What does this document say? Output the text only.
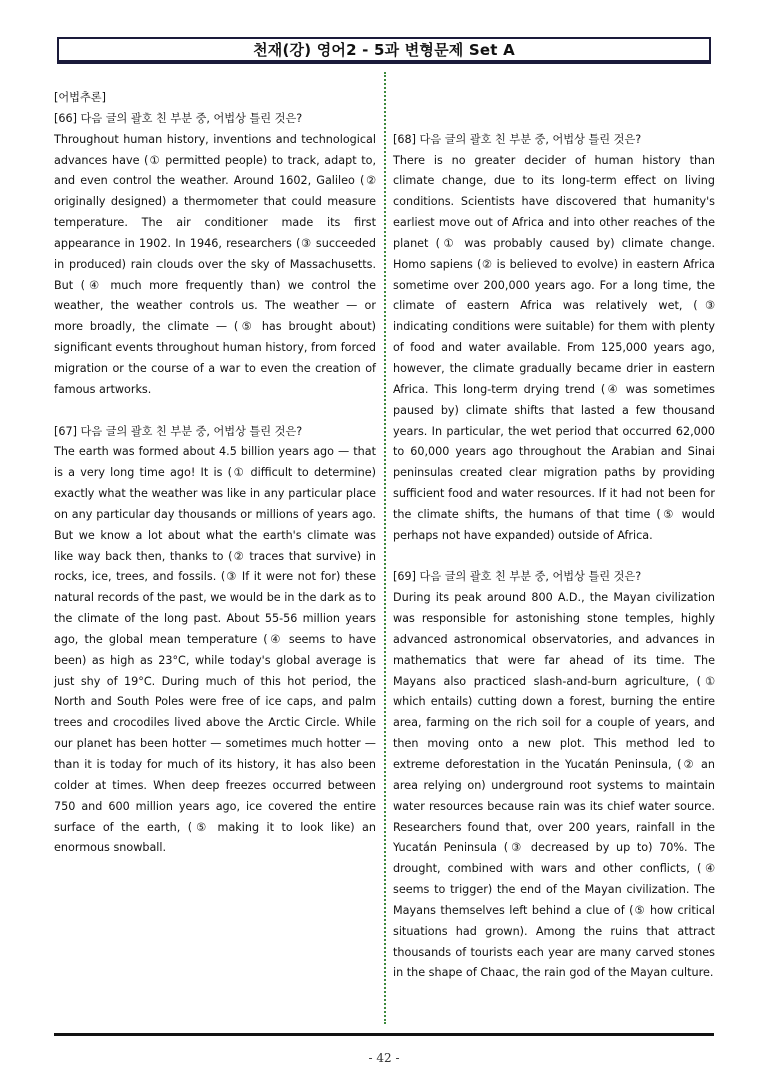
천재(강) 영어2 - 5과 변형문제 Set A

[어법추론]

[66] 다음 글의 괄호 친 부분 중, 어법상 틀린 것은?

Throughout human history, inventions and technological advances have (① permitted people) to track, adapt to, and even control the weather. Around 1602, Galileo (② originally designed) a thermometer that could measure temperature. The air conditioner made its first appearance in 1902. In 1946, researchers (③ succeeded in produced) rain clouds over the sky of Massachusetts. But (④ much more frequently than) we control the weather, the weather controls us. The weather — or more broadly, the climate — (⑤ has brought about) significant events throughout human history, from forced migration or the course of a war to even the creation of famous artworks.

[67] 다음 글의 괄호 친 부분 중, 어법상 틀린 것은?

The earth was formed about 4.5 billion years ago — that is a very long time ago! It is (① difficult to determine) exactly what the weather was like in any particular place on any particular day thousands or millions of years ago. But we know a lot about what the earth's climate was like way back then, thanks to (② traces that survive) in rocks, ice, trees, and fossils. (③ If it were not for) these natural records of the past, we would be in the dark as to the climate of the long past. About 55-56 million years ago, the global mean temperature (④ seems to have been) as high as 23°C, while today's global average is just shy of 19°C. During much of this hot period, the North and South Poles were free of ice caps, and palm trees and crocodiles lived above the Arctic Circle. While our planet has been hotter — sometimes much hotter — than it is today for much of its history, it has also been colder at times. When deep freezes occurred between 750 and 600 million years ago, ice covered the entire surface of the earth, (⑤ making it to look like) an enormous snowball.

[68] 다음 글의 괄호 친 부분 중, 어법상 틀린 것은?

There is no greater decider of human history than climate change, due to its long-term effect on living conditions. Scientists have discovered that humanity's earliest move out of Africa and into other reaches of the planet (① was probably caused by) climate change. Homo sapiens (② is believed to evolve) in eastern Africa sometime over 200,000 years ago. For a long time, the climate of eastern Africa was relatively wet, (③ indicating conditions were suitable) for them with plenty of food and water available. From 125,000 years ago, however, the climate gradually became drier in eastern Africa. This long-term drying trend (④ was sometimes paused by) climate shifts that lasted a few thousand years. In particular, the wet period that occurred 62,000 to 60,000 years ago throughout the Arabian and Sinai peninsulas created clear migration paths by providing sufficient food and water resources. If it had not been for the climate shifts, the humans of that time (⑤ would perhaps not have expanded) outside of Africa.

[69] 다음 글의 괄호 친 부분 중, 어법상 틀린 것은?

During its peak around 800 A.D., the Mayan civilization was responsible for astonishing stone temples, highly advanced astronomical observatories, and advances in mathematics that were far ahead of its time. The Mayans also practiced slash-and-burn agriculture, (① which entails) cutting down a forest, burning the entire area, farming on the rich soil for a couple of years, and then moving onto a new plot. This method led to extreme deforestation in the Yucatán Peninsula, (② an area relying on) underground root systems to maintain water resources because rain was its chief water source. Researchers found that, over 200 years, rainfall in the Yucatán Peninsula (③ decreased by up to) 70%. The drought, combined with wars and other conflicts, (④ seems to trigger) the end of the Mayan civilization. The Mayans themselves left behind a clue of (⑤ how critical situations had grown). Among the ruins that attract thousands of tourists each year are many carved stones in the shape of Chaac, the rain god of the Mayan culture.

- 42 -
